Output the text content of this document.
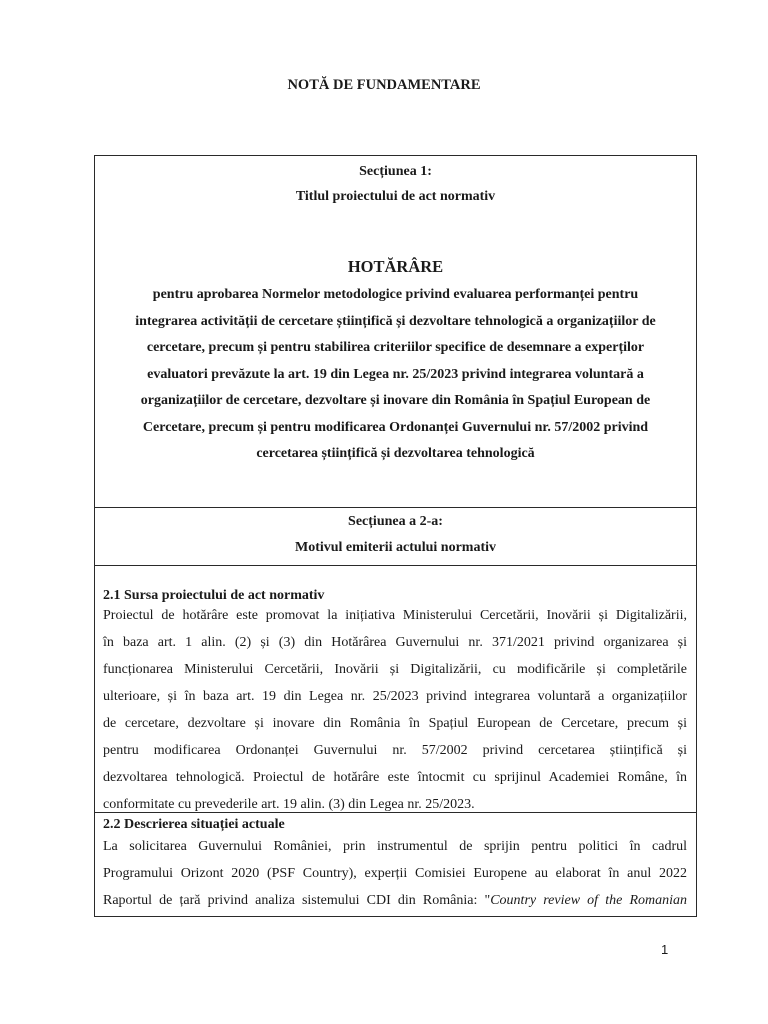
NOTĂ DE FUNDAMENTARE
Secțiunea 1:
Titlul proiectului de act normativ
HOTĂRÂRE
pentru aprobarea Normelor metodologice privind evaluarea performanței pentru
integrarea activității de cercetare științifică și dezvoltare tehnologică a organizațiilor de
cercetare, precum și pentru stabilirea criteriilor specifice de desemnare a experților
evaluatori prevăzute la art. 19 din Legea nr. 25/2023 privind integrarea voluntară a
organizațiilor de cercetare, dezvoltare și inovare din România în Spațiul European de
Cercetare, precum și pentru modificarea Ordonanței Guvernului nr. 57/2002 privind
cercetarea științifică și dezvoltarea tehnologică
Secțiunea a 2-a:
Motivul emiterii actului normativ
2.1 Sursa proiectului de act normativ
Proiectul de hotărâre este promovat la inițiativa Ministerului Cercetării, Inovării și Digitalizării,
în baza art. 1 alin. (2) și (3) din Hotărârea Guvernului nr. 371/2021 privind organizarea și
funcționarea Ministerului Cercetării, Inovării și Digitalizării, cu modificările și completările
ulterioare, și în baza art. 19 din Legea nr. 25/2023 privind integrarea voluntară a organizațiilor
de cercetare, dezvoltare și inovare din România în Spațiul European de Cercetare, precum și
pentru modificarea Ordonanței Guvernului nr. 57/2002 privind cercetarea științifică și
dezvoltarea tehnologică. Proiectul de hotărâre este întocmit cu sprijinul Academiei Române, în
conformitate cu prevederile art. 19 alin. (3) din Legea nr. 25/2023.
2.2 Descrierea situației actuale
La solicitarea Guvernului României, prin instrumentul de sprijin pentru politici în cadrul
Programului Orizont 2020 (PSF Country), experții Comisiei Europene au elaborat în anul 2022
Raportul de țară privind analiza sistemului CDI din România: "Country review of the Romanian
1
